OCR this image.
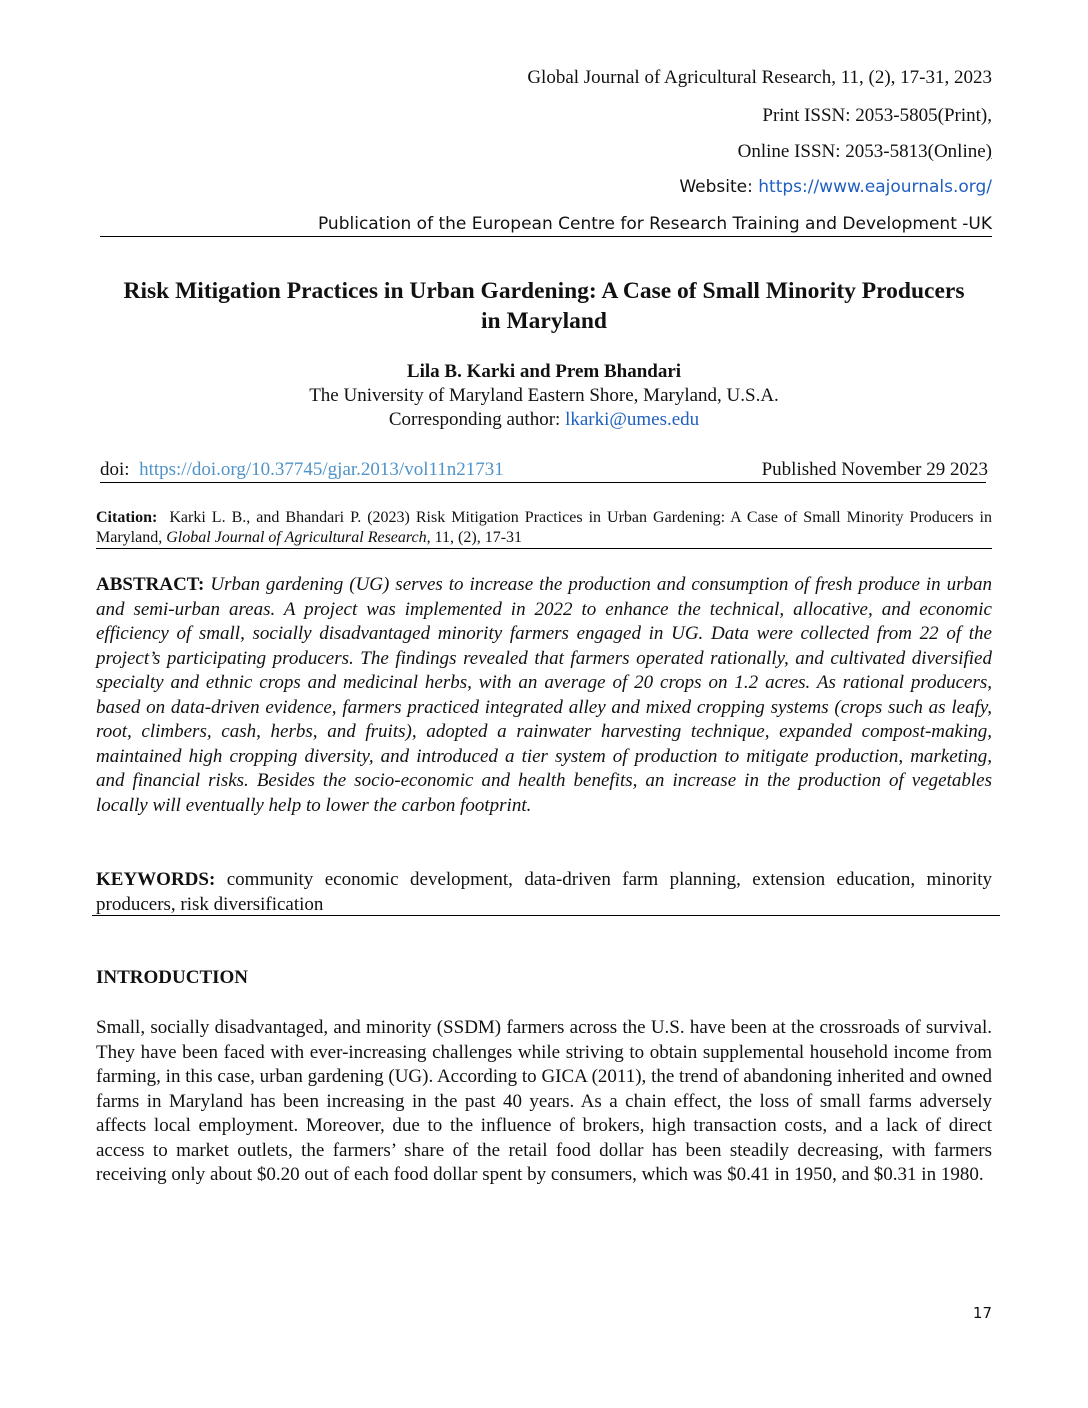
Global Journal of Agricultural Research, 11, (2), 17-31, 2023
Print ISSN: 2053-5805(Print),
Online ISSN: 2053-5813(Online)
Website: https://www.eajournals.org/
Publication of the European Centre for Research Training and Development -UK
Risk Mitigation Practices in Urban Gardening: A Case of Small Minority Producers
in Maryland
Lila B. Karki and Prem Bhandari
The University of Maryland Eastern Shore, Maryland, U.S.A.
Corresponding author: lkarki@umes.edu
doi: https://doi.org/10.37745/gjar.2013/vol11n21731	Published November 29 2023
Citation: Karki L. B., and Bhandari P. (2023) Risk Mitigation Practices in Urban Gardening: A Case of Small Minority Producers in Maryland, Global Journal of Agricultural Research, 11, (2), 17-31
ABSTRACT: Urban gardening (UG) serves to increase the production and consumption of fresh produce in urban and semi-urban areas. A project was implemented in 2022 to enhance the technical, allocative, and economic efficiency of small, socially disadvantaged minority farmers engaged in UG. Data were collected from 22 of the project’s participating producers. The findings revealed that farmers operated rationally, and cultivated diversified specialty and ethnic crops and medicinal herbs, with an average of 20 crops on 1.2 acres. As rational producers, based on data-driven evidence, farmers practiced integrated alley and mixed cropping systems (crops such as leafy, root, climbers, cash, herbs, and fruits), adopted a rainwater harvesting technique, expanded compost-making, maintained high cropping diversity, and introduced a tier system of production to mitigate production, marketing, and financial risks. Besides the socio-economic and health benefits, an increase in the production of vegetables locally will eventually help to lower the carbon footprint.
KEYWORDS: community economic development, data-driven farm planning, extension education, minority producers, risk diversification
INTRODUCTION
Small, socially disadvantaged, and minority (SSDM) farmers across the U.S. have been at the crossroads of survival. They have been faced with ever-increasing challenges while striving to obtain supplemental household income from farming, in this case, urban gardening (UG). According to GICA (2011), the trend of abandoning inherited and owned farms in Maryland has been increasing in the past 40 years. As a chain effect, the loss of small farms adversely affects local employment. Moreover, due to the influence of brokers, high transaction costs, and a lack of direct access to market outlets, the farmers’ share of the retail food dollar has been steadily decreasing, with farmers receiving only about $0.20 out of each food dollar spent by consumers, which was $0.41 in 1950, and $0.31 in 1980.
17
